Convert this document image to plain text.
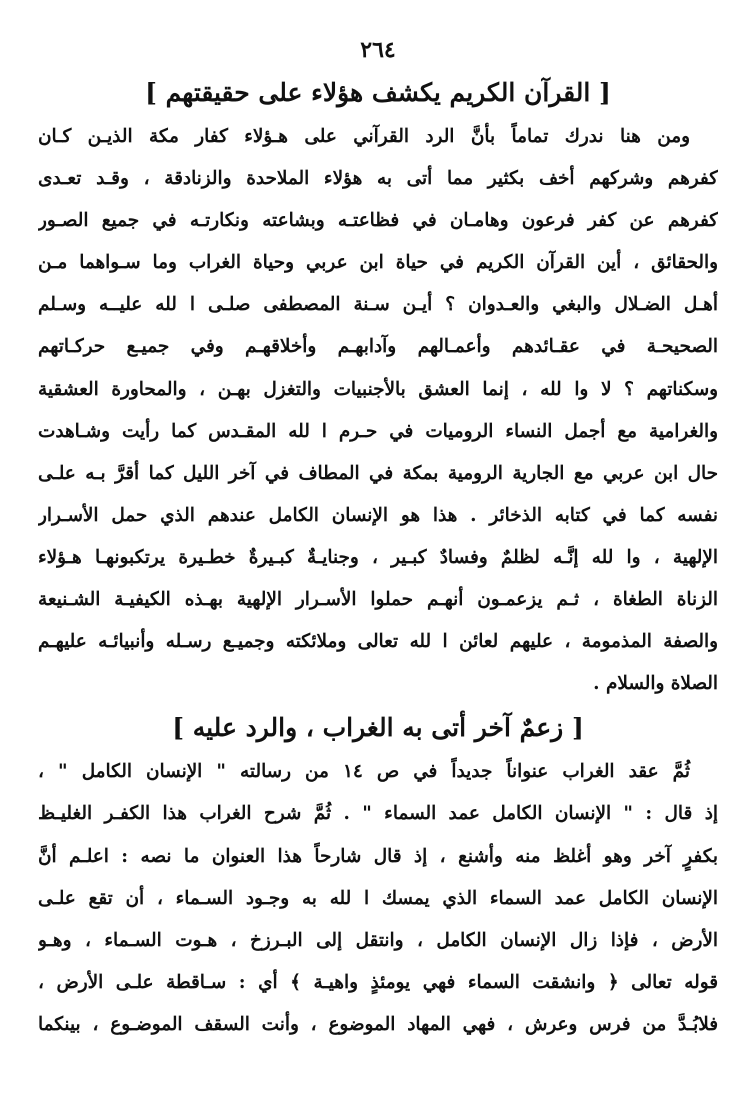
٢٦٤
[ القرآن الكريم يكشف هؤلاء على حقيقتهم ]
ومن هنا ندرك تماماً بأنَّ الرد القرآني على هـؤلاء كفار مكة الذيـن كـان
كفرهم وشركهم أخف بكثير مما أتى به هؤلاء الملاحدة والزنادقة ، وقـد تعـدى
كفرهم عن كفر فرعون وهامـان في فظاعتـه وبشاعته ونكارتـه في جميع الصـور
والحقائق ، أين القرآن الكريم في حياة ابن عربي وحياة الغراب وما سـواهما مـن
أهـل الضـلال والبغي والعـدوان ؟ أيـن سـنة المصطفى صلـى ا لله عليــه وسـلم
الصحيحـة في عقـائدهم وأعمـالهم وآدابهـم وأخلاقهـم وفي جميـع حركـاتهم
وسكناتهم ؟ لا وا لله ، إنما العشق بالأجنبيات والتغزل بهـن ، والمحاورة العشقية
والغرامية مع أجمل النساء الروميات في حـرم ا لله المقـدس كما رأيت وشـاهدت
حال ابن عربي مع الجارية الرومية بمكة في المطاف في آخر الليل كما أقرَّ بـه علـى
نفسه كما في كتابه الذخائر . هذا هو الإنسان الكامل عندهم الذي حمل الأسـرار
الإلهية ، وا لله إنَّـه لظلمٌ وفسادٌ كبـير ، وجنايـةٌ كبـيرةٌ خطـيرة يرتكبونهـا هـؤلاء
الزناة الطغاة ، ثـم يزعمـون أنهـم حملوا الأسـرار الإلهية بهـذه الكيفيـة الشـنيعة
والصفة المذمومة ، عليهم لعائن ا لله تعالى وملائكته وجميـع رسـله وأنبيائـه عليهـم
الصلاة والسلام .
[ زعمٌ آخر أتى به الغراب ، والرد عليه ]
ثُمَّ عقد الغراب عنواناً جديداً في ص ١٤ من رسالته " الإنسان الكامل " ،
إذ قال : " الإنسان الكامل عمد السماء " . ثُمَّ شرح الغراب هذا الكفـر الغليـظ
بكفرٍ آخر وهو أغلظ منه وأشنع ، إذ قال شارحاً هذا العنوان ما نصه : اعلـم أنَّ
الإنسان الكامل عمد السماء الذي يمسك ا لله به وجـود السـماء ، أن تقع علـى
الأرض ، فإذا زال الإنسان الكامل ، وانتقل إلى البـرزخ ، هـوت السـماء ، وهـو
قوله تعالى ﴿ وانشقت السماء فهي يومئذٍ واهيـة ﴾ أي : سـاقطة علـى الأرض ،
فلابُـدَّ من فرس وعرش ، فهي المهاد الموضوع ، وأنت السقف الموضـوع ، بينكما
